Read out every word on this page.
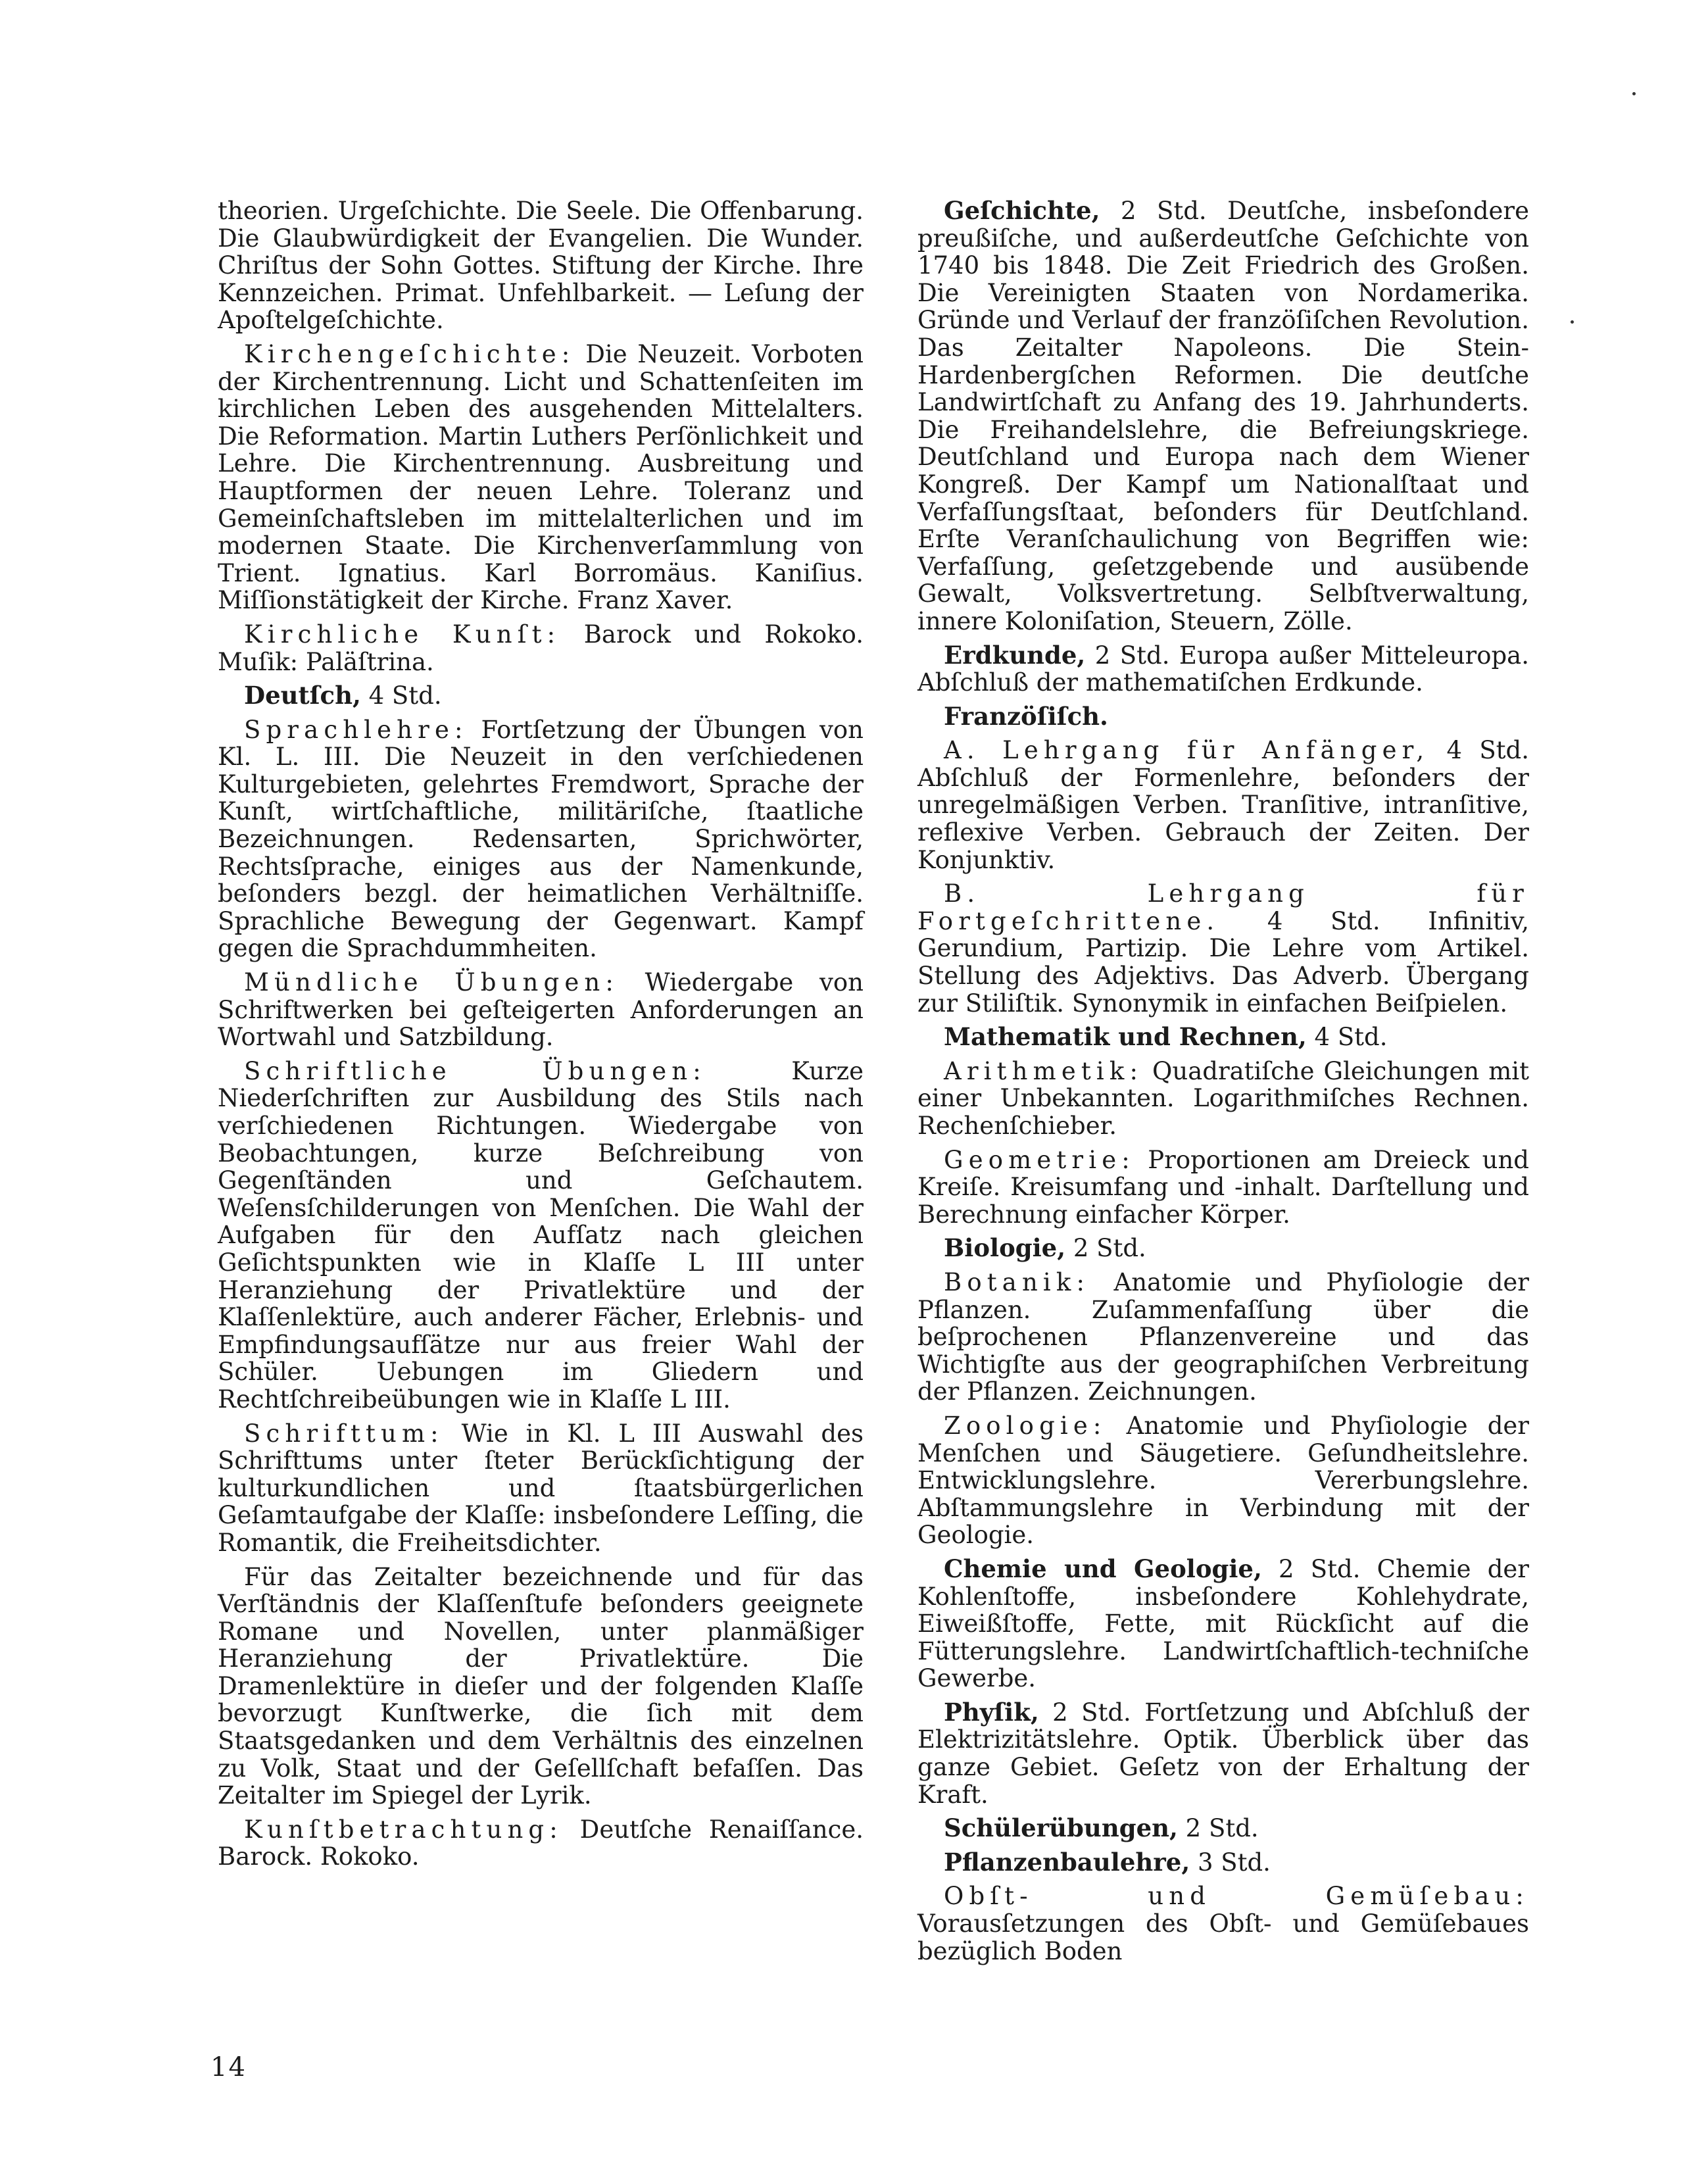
theorien. Urgeſchichte. Die Seele. Die Offenbarung. Die Glaubwürdigkeit der Evangelien. Die Wunder. Chriſtus der Sohn Gottes. Stiftung der Kirche. Ihre Kennzeichen. Primat. Unfehlbarkeit. — Leſung der Apoſtelgeſchichte.

Kirchengeſchichte: Die Neuzeit. Vorboten der Kirchentrennung. Licht und Schattenſeiten im kirchlichen Leben des ausgehenden Mittelalters. Die Reformation. Martin Luthers Perſönlichkeit und Lehre. Die Kirchentrennung. Ausbreitung und Hauptformen der neuen Lehre. Toleranz und Gemeinſchaftsleben im mittelalterlichen und im modernen Staate. Die Kirchenverſammlung von Trient. Ignatius. Karl Borromäus. Kaniſius. Miſſionstätigkeit der Kirche. Franz Xaver.

Kirchliche Kunſt: Barock und Rokoko. Muſik: Paläſtrina.

Deutſch, 4 Std.

Sprachlehre: Fortſetzung der Übungen von Kl. L. III. Die Neuzeit in den verſchiedenen Kulturgebieten, gelehrtes Fremdwort, Sprache der Kunſt, wirtſchaftliche, militäriſche, ſtaatliche Bezeichnungen. Redensarten, Sprichwörter, Rechtsſprache, einiges aus der Namenkunde, beſonders bezgl. der heimatlichen Verhältniſſe. Sprachliche Bewegung der Gegenwart. Kampf gegen die Sprachdummheiten.

Mündliche Übungen: Wiedergabe von Schriftwerken bei geſteigerten Anforderungen an Wortwahl und Satzbildung.

Schriftliche Übungen: Kurze Niederſchriften zur Ausbildung des Stils nach verſchiedenen Richtungen. Wiedergabe von Beobachtungen, kurze Beſchreibung von Gegenſtänden und Geſchautem. Weſensſchilderungen von Menſchen. Die Wahl der Aufgaben für den Aufſatz nach gleichen Geſichtspunkten wie in Klaſſe L III unter Heranziehung der Privatlektüre und der Klaſſenlektüre, auch anderer Fächer, Erlebnis- und Empfindungsaufſätze nur aus freier Wahl der Schüler. Uebungen im Gliedern und Rechtſchreibeübungen wie in Klaſſe L III.

Schrifttum: Wie in Kl. L III Auswahl des Schrifttums unter ſteter Berückſichtigung der kulturkundlichen und ſtaatsbürgerlichen Geſamtaufgabe der Klaſſe: insbeſondere Leſſing, die Romantik, die Freiheitsdichter.

Für das Zeitalter bezeichnende und für das Verſtändnis der Klaſſenſtufe beſonders geeignete Romane und Novellen, unter planmäßiger Heranziehung der Privatlektüre. Die Dramenlektüre in dieſer und der folgenden Klaſſe bevorzugt Kunſtwerke, die ſich mit dem Staatsgedanken und dem Verhältnis des einzelnen zu Volk, Staat und der Geſellſchaft befaſſen. Das Zeitalter im Spiegel der Lyrik.

Kunſtbetrachtung: Deutſche Renaiſſance. Barock. Rokoko.

Geſchichte, 2 Std. Deutſche, insbeſondere preußiſche, und außerdeutſche Geſchichte von 1740 bis 1848. Die Zeit Friedrich des Großen. Die Vereinigten Staaten von Nordamerika. Gründe und Verlauf der franzöſiſchen Revolution. Das Zeitalter Napoleons. Die Stein-Hardenbergſchen Reformen. Die deutſche Landwirtſchaft zu Anfang des 19. Jahrhunderts. Die Freihandelslehre, die Befreiungskriege. Deutſchland und Europa nach dem Wiener Kongreß. Der Kampf um Nationalſtaat und Verfaſſungsſtaat, beſonders für Deutſchland. Erſte Veranſchaulichung von Begriffen wie: Verfaſſung, geſetzgebende und ausübende Gewalt, Volksvertretung. Selbſtverwaltung, innere Koloniſation, Steuern, Zölle.

Erdkunde, 2 Std. Europa außer Mitteleuropa. Abſchluß der mathematiſchen Erdkunde.

Franzöſiſch.

A. Lehrgang für Anfänger, 4 Std. Abſchluß der Formenlehre, beſonders der unregelmäßigen Verben. Tranſitive, intranſitive, reflexive Verben. Gebrauch der Zeiten. Der Konjunktiv.

B. Lehrgang für Fortgeſchrittene. 4 Std. Infinitiv, Gerundium, Partizip. Die Lehre vom Artikel. Stellung des Adjektivs. Das Adverb. Übergang zur Stiliſtik. Synonymik in einfachen Beiſpielen.

Mathematik und Rechnen, 4 Std.

Arithmetik: Quadratiſche Gleichungen mit einer Unbekannten. Logarithmiſches Rechnen. Rechenſchieber.

Geometrie: Proportionen am Dreieck und Kreiſe. Kreisumfang und -inhalt. Darſtellung und Berechnung einfacher Körper.

Biologie, 2 Std.

Botanik: Anatomie und Phyſiologie der Pflanzen. Zuſammenfaſſung über die beſprochenen Pflanzenvereine und das Wichtigſte aus der geographiſchen Verbreitung der Pflanzen. Zeichnungen.

Zoologie: Anatomie und Phyſiologie der Menſchen und Säugetiere. Geſundheitslehre. Entwicklungslehre. Vererbungslehre. Abſtammungslehre in Verbindung mit der Geologie.

Chemie und Geologie, 2 Std. Chemie der Kohlenſtoffe, insbeſondere Kohlehydrate, Eiweißſtoffe, Fette, mit Rückſicht auf die Fütterungslehre. Landwirtſchaftlich-techniſche Gewerbe.

Phyſik, 2 Std. Fortſetzung und Abſchluß der Elektrizitätslehre. Optik. Überblick über das ganze Gebiet. Geſetz von der Erhaltung der Kraft.

Schülerübungen, 2 Std.

Pflanzenbaulehre, 3 Std.

Obſt- und Gemüſebau: Vorausſetzungen des Obſt- und Gemüſebaues bezüglich Boden

14
